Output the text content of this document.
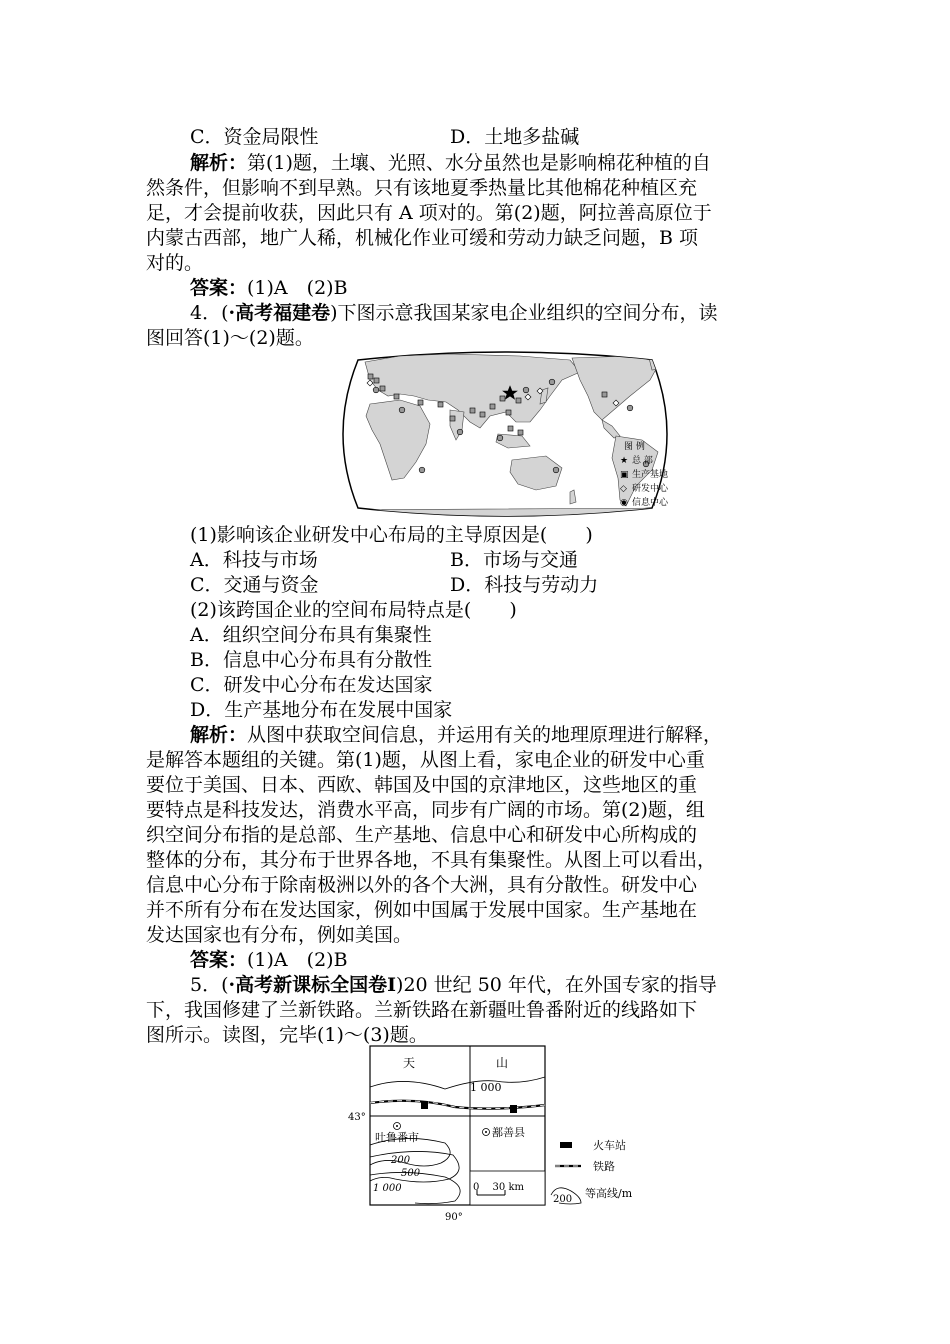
C．资金局限性	D．土地多盐碱
解析：第(1)题，土壤、光照、水分虽然也是影响棉花种植的自
然条件，但影响不到早熟。只有该地夏季热量比其他棉花种植区充
足，才会提前收获，因此只有 A 项对的。第(2)题，阿拉善高原位于
内蒙古西部，地广人稀，机械化作业可缓和劳动力缺乏问题，B 项
对的。
答案：(1)A　(2)B
4．(·高考福建卷)下图示意我国某家电企业组织的空间分布，读
图回答(1)～(2)题。
图 例
★ 总 部
▣ 生产基地
◇ 研发中心
◉ 信息中心
(1)影响该企业研发中心布局的主导原因是(　　)
A．科技与市场	B．市场与交通
C．交通与资金	D．科技与劳动力
(2)该跨国企业的空间布局特点是(　　)
A．组织空间分布具有集聚性
B．信息中心分布具有分散性
C．研发中心分布在发达国家
D．生产基地分布在发展中国家
解析：从图中获取空间信息，并运用有关的地理原理进行解释，
是解答本题组的关键。第(1)题，从图上看，家电企业的研发中心重
要位于美国、日本、西欧、韩国及中国的京津地区，这些地区的重
要特点是科技发达，消费水平高，同步有广阔的市场。第(2)题，组
织空间分布指的是总部、生产基地、信息中心和研发中心所构成的
整体的分布，其分布于世界各地，不具有集聚性。从图上可以看出，
信息中心分布于除南极洲以外的各个大洲，具有分散性。研发中心
并不所有分布在发达国家，例如中国属于发展中国家。生产基地在
发达国家也有分布，例如美国。
答案：(1)A　(2)B
5．(·高考新课标全国卷Ⅰ)20 世纪 50 年代，在外国专家的指导
下，我国修建了兰新铁路。兰新铁路在新疆吐鲁番附近的线路如下
图所示。读图，完毕(1)～(3)题。
天	山
1 000
43°
吐鲁番市	鄯善县
200
500
1 000	0　 30 km
90°
火车站
铁路
200 等高线/m
